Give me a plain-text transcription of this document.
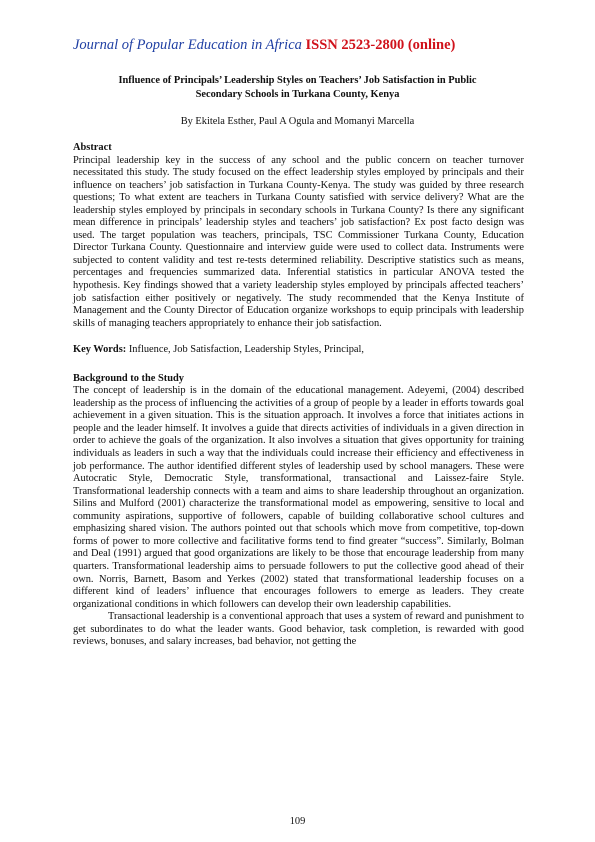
Journal of Popular Education in Africa ISSN 2523-2800 (online)
Influence of Principals’ Leadership Styles on Teachers’ Job Satisfaction in Public
Secondary Schools in Turkana County, Kenya
By Ekitela Esther, Paul A Ogula and Momanyi Marcella
Abstract

Principal leadership key in the success of any school and the public concern on teacher turnover necessitated this study. The study focused on the effect leadership styles employed by principals and their influence on teachers’ job satisfaction in Turkana County-Kenya. The study was guided by three research questions; To what extent are teachers in Turkana County satisfied with service delivery? What are the leadership styles employed by principals in secondary schools in Turkana County? Is there any significant mean difference in principals’ leadership styles and teachers’ job satisfaction? Ex post facto design was used. The target population was teachers, principals, TSC Commissioner Turkana County, Education Director Turkana County. Questionnaire and interview guide were used to collect data. Instruments were subjected to content validity and test re-tests determined reliability. Descriptive statistics such as means, percentages and frequencies summarized data. Inferential statistics in particular ANOVA tested the hypothesis. Key findings showed that a variety leadership styles employed by principals affected teachers’ job satisfaction either positively or negatively. The study recommended that the Kenya Institute of Management and the County Director of Education organize workshops to equip principals with leadership skills of managing teachers appropriately to enhance their job satisfaction.

Key Words: Influence, Job Satisfaction, Leadership Styles, Principal,

Background to the Study

The concept of leadership is in the domain of the educational management. Adeyemi, (2004) described leadership as the process of influencing the activities of a group of people by a leader in efforts towards goal achievement in a given situation. This is the situation approach. It involves a force that initiates actions in people and the leader himself. It involves a guide that directs activities of individuals in a given direction in order to achieve the goals of the organization. It also involves a situation that gives opportunity for training individuals as leaders in such a way that the individuals could increase their efficiency and effectiveness in job performance. The author identified different styles of leadership used by school managers. These were Autocratic Style, Democratic Style, transformational, transactional and Laissez-faire Style. Transformational leadership connects with a team and aims to share leadership throughout an organization. Silins and Mulford (2001) characterize the transformational model as empowering, sensitive to local and community aspirations, supportive of followers, capable of building collaborative school cultures and emphasizing shared vision. The authors pointed out that schools which move from competitive, top-down forms of power to more collective and facilitative forms tend to find greater “success”. Similarly, Bolman and Deal (1991) argued that good organizations are likely to be those that encourage leadership from many quarters. Transformational leadership aims to persuade followers to put the collective good ahead of their own. Norris, Barnett, Basom and Yerkes (2002) stated that transformational leadership focuses on a different kind of leaders’ influence that encourages followers to emerge as leaders. They create organizational conditions in which followers can develop their own leadership capabilities.

Transactional leadership is a conventional approach that uses a system of reward and punishment to get subordinates to do what the leader wants. Good behavior, task completion, is rewarded with good reviews, bonuses, and salary increases, bad behavior, not getting the

109
